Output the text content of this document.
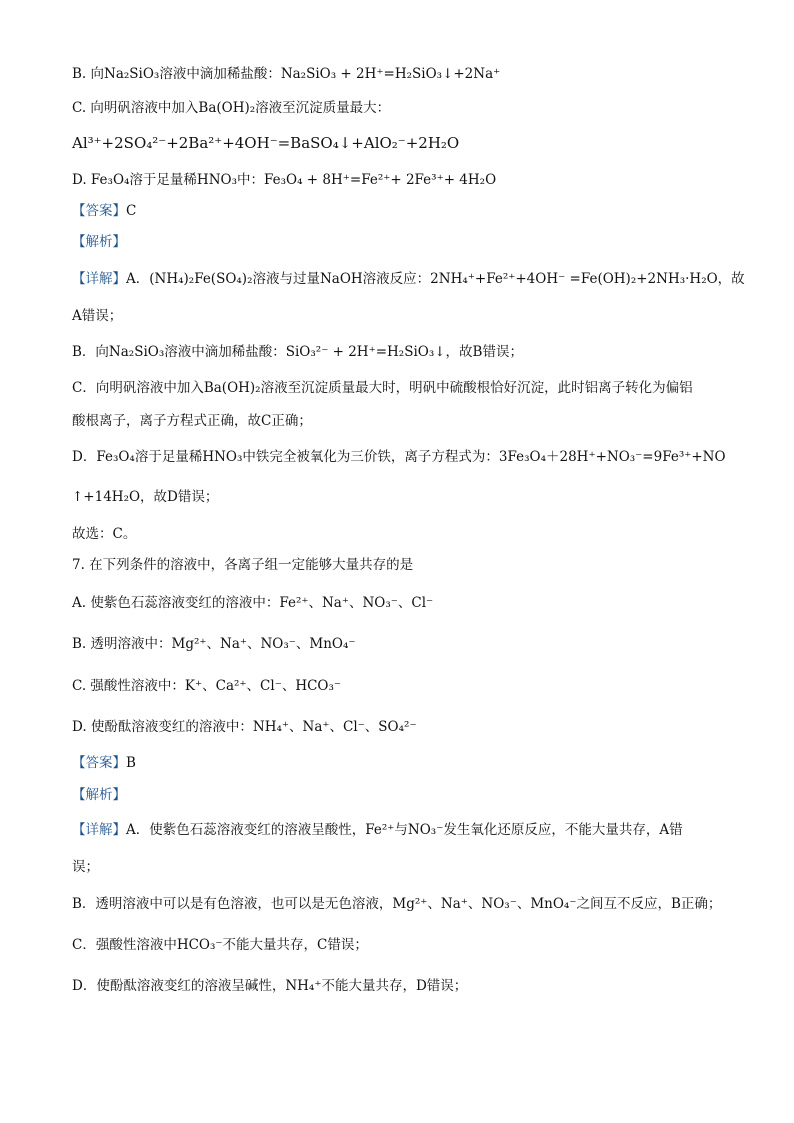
B. 向Na₂SiO₃溶液中滴加稀盐酸：Na₂SiO₃ + 2H⁺=H₂SiO₃↓+2Na⁺
C. 向明矾溶液中加入Ba(OH)₂溶液至沉淀质量最大：
Al³⁺+2SO₄²⁻+2Ba²⁺+4OH⁻=BaSO₄↓+AlO₂⁻+2H₂O
D. Fe₃O₄溶于足量稀HNO₃中：Fe₃O₄ + 8H⁺=Fe²⁺+ 2Fe³⁺+ 4H₂O
【答案】C
【解析】
【详解】A．(NH₄)₂Fe(SO₄)₂溶液与过量NaOH溶液反应：2NH₄⁺+Fe²⁺+4OH⁻ =Fe(OH)₂+2NH₃·H₂O，故
A错误；
B．向Na₂SiO₃溶液中滴加稀盐酸：SiO₃²⁻ + 2H⁺=H₂SiO₃↓，故B错误；
C．向明矾溶液中加入Ba(OH)₂溶液至沉淀质量最大时，明矾中硫酸根恰好沉淀，此时铝离子转化为偏铝
酸根离子，离子方程式正确，故C正确；
D．Fe₃O₄溶于足量稀HNO₃中铁完全被氧化为三价铁，离子方程式为：3Fe₃O₄＋28H⁺+NO₃⁻=9Fe³⁺+NO
↑+14H₂O，故D错误；
故选：C。
7. 在下列条件的溶液中，各离子组一定能够大量共存的是
A. 使紫色石蕊溶液变红的溶液中：Fe²⁺、Na⁺、NO₃⁻、Cl⁻
B. 透明溶液中：Mg²⁺、Na⁺、NO₃⁻、MnO₄⁻
C. 强酸性溶液中：K⁺、Ca²⁺、Cl⁻、HCO₃⁻
D. 使酚酞溶液变红的溶液中：NH₄⁺、Na⁺、Cl⁻、SO₄²⁻
【答案】B
【解析】
【详解】A．使紫色石蕊溶液变红的溶液呈酸性，Fe²⁺与NO₃⁻发生氧化还原反应，不能大量共存，A错
误；
B．透明溶液中可以是有色溶液，也可以是无色溶液，Mg²⁺、Na⁺、NO₃⁻、MnO₄⁻之间互不反应，B正确；
C．强酸性溶液中HCO₃⁻不能大量共存，C错误；
D．使酚酞溶液变红的溶液呈碱性，NH₄⁺不能大量共存，D错误；
